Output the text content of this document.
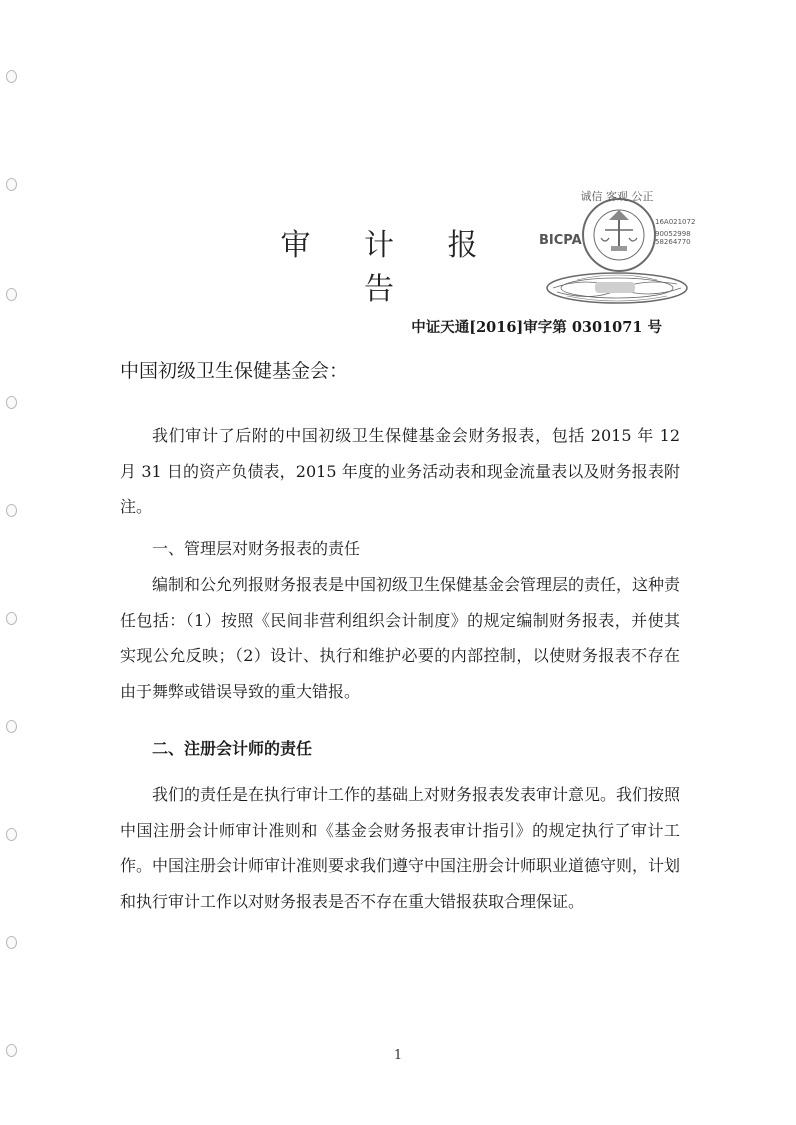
审 计 报 告
诚信 客观 公正
BICPA
16A021072
90052998
58264770
中证天通[2016]审字第 0301071 号
中国初级卫生保健基金会：

我们审计了后附的中国初级卫生保健基金会财务报表，包括 2015 年 12 月 31 日的资产负债表，2015 年度的业务活动表和现金流量表以及财务报表附注。

一、管理层对财务报表的责任

编制和公允列报财务报表是中国初级卫生保健基金会管理层的责任，这种责任包括：（1）按照《民间非营利组织会计制度》的规定编制财务报表，并使其实现公允反映；（2）设计、执行和维护必要的内部控制，以使财务报表不存在由于舞弊或错误导致的重大错报。

二、注册会计师的责任

我们的责任是在执行审计工作的基础上对财务报表发表审计意见。我们按照中国注册会计师审计准则和《基金会财务报表审计指引》的规定执行了审计工作。中国注册会计师审计准则要求我们遵守中国注册会计师职业道德守则，计划和执行审计工作以对财务报表是否不存在重大错报获取合理保证。

1
